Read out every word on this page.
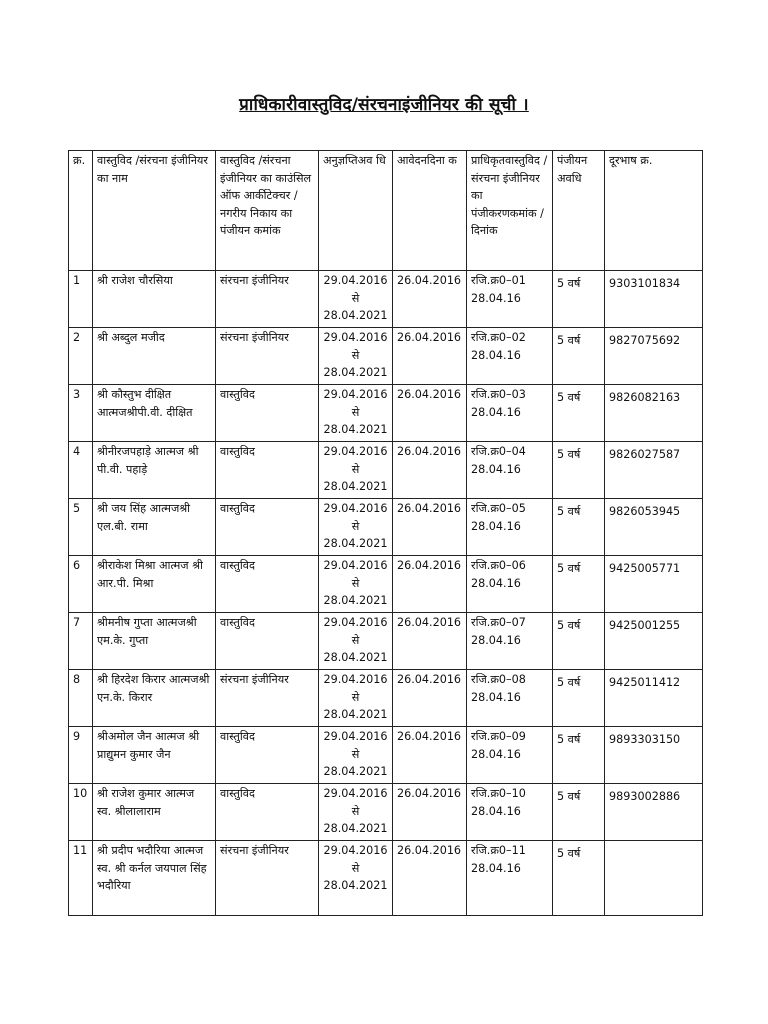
प्राधिकारीवास्तुविद/संरचनाइंजीनियर की सूची ।
क्र.	वास्तुविद /संरचना इंजीनियर का नाम	वास्तुविद /संरचना इंजीनियर का काउंसिल ऑफ आर्कीटेक्चर /नगरीय निकाय का पंजीयन कमांक	अनुज्ञप्तिअव धि	आवेदनदिना क	प्राधिकृतवास्तुविद / संरचना इंजीनियर का पंजीकरणकमांक / दिनांक	पंजीयन अवधि	दूरभाष क्र.
1	श्री राजेश चौरसिया	संरचना इंजीनियर	29.04.2016
से
28.04.2021	26.04.2016	रजि.क्र0–01
28.04.16	5 वर्ष	9303101834
2	श्री अब्दुल मजीद	संरचना इंजीनियर	29.04.2016
से
28.04.2021	26.04.2016	रजि.क्र0–02
28.04.16	5 वर्ष	9827075692
3	श्री कौस्तुभ दीक्षित आत्मजश्रीपी.वी. दीक्षित	वास्तुविद	29.04.2016
से
28.04.2021	26.04.2016	रजि.क्र0–03
28.04.16	5 वर्ष	9826082163
4	श्रीनीरजपहाड़े आत्मज श्री पी.वी. पहाड़े	वास्तुविद	29.04.2016
से
28.04.2021	26.04.2016	रजि.क्र0–04
28.04.16	5 वर्ष	9826027587
5	श्री जय सिंह आत्मजश्री एल.बी. रामा	वास्तुविद	29.04.2016
से
28.04.2021	26.04.2016	रजि.क्र0–05
28.04.16	5 वर्ष	9826053945
6	श्रीराकेश मिश्रा आत्मज श्री आर.पी. मिश्रा	वास्तुविद	29.04.2016
से
28.04.2021	26.04.2016	रजि.क्र0–06
28.04.16	5 वर्ष	9425005771
7	श्रीमनीष गुप्ता आत्मजश्री एम.के. गुप्ता	वास्तुविद	29.04.2016
से
28.04.2021	26.04.2016	रजि.क्र0–07
28.04.16	5 वर्ष	9425001255
8	श्री हिरदेश किरार आत्मजश्री एन.के. किरार	संरचना इंजीनियर	29.04.2016
से
28.04.2021	26.04.2016	रजि.क्र0–08
28.04.16	5 वर्ष	9425011412
9	श्रीअमोल जैन आत्मज श्री प्राद्युमन कुमार जैन	वास्तुविद	29.04.2016
से
28.04.2021	26.04.2016	रजि.क्र0–09
28.04.16	5 वर्ष	9893303150
10	श्री राजेश कुमार आत्मज स्व. श्रीलालाराम	वास्तुविद	29.04.2016
से
28.04.2021	26.04.2016	रजि.क्र0–10
28.04.16	5 वर्ष	9893002886
11	श्री प्रदीप भदौरिया आत्मज स्व. श्री कर्नल जयपाल सिंह भदौरिया	संरचना इंजीनियर	29.04.2016
से
28.04.2021	26.04.2016	रजि.क्र0–11
28.04.16	5 वर्ष	
